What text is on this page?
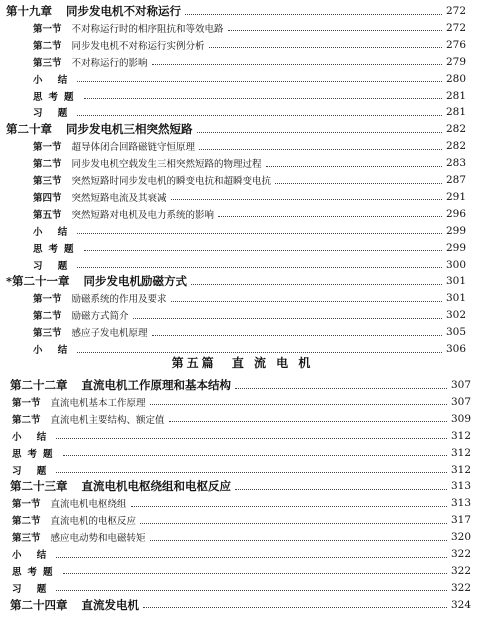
第十九章 同步发电机不对称运行	272
第一节 不对称运行时的相序阻抗和等效电路	272
第二节 同步发电机不对称运行实例分析	276
第三节 不对称运行的影响	279
小 结	280
思考题	281
习 题	281
第二十章 同步发电机三相突然短路	282
第一节 超导体闭合回路磁链守恒原理	282
第二节 同步发电机空载发生三相突然短路的物理过程	283
第三节 突然短路时同步发电机的瞬变电抗和超瞬变电抗	287
第四节 突然短路电流及其衰减	291
第五节 突然短路对电机及电力系统的影响	296
小 结	299
思考题	299
习 题	300
*第二十一章 同步发电机励磁方式	301
第一节 励磁系统的作用及要求	301
第二节 励磁方式简介	302
第三节 感应子发电机原理	305
小 结	306
第五篇 直 流 电 机
第二十二章 直流电机工作原理和基本结构	307
第一节 直流电机基本工作原理	307
第二节 直流电机主要结构、额定值	309
小 结	312
思考题	312
习 题	312
第二十三章 直流电机电枢绕组和电枢反应	313
第一节 直流电机电枢绕组	313
第二节 直流电机的电枢反应	317
第三节 感应电动势和电磁转矩	320
小 结	322
思考题	322
习 题	322
第二十四章 直流发电机	324
